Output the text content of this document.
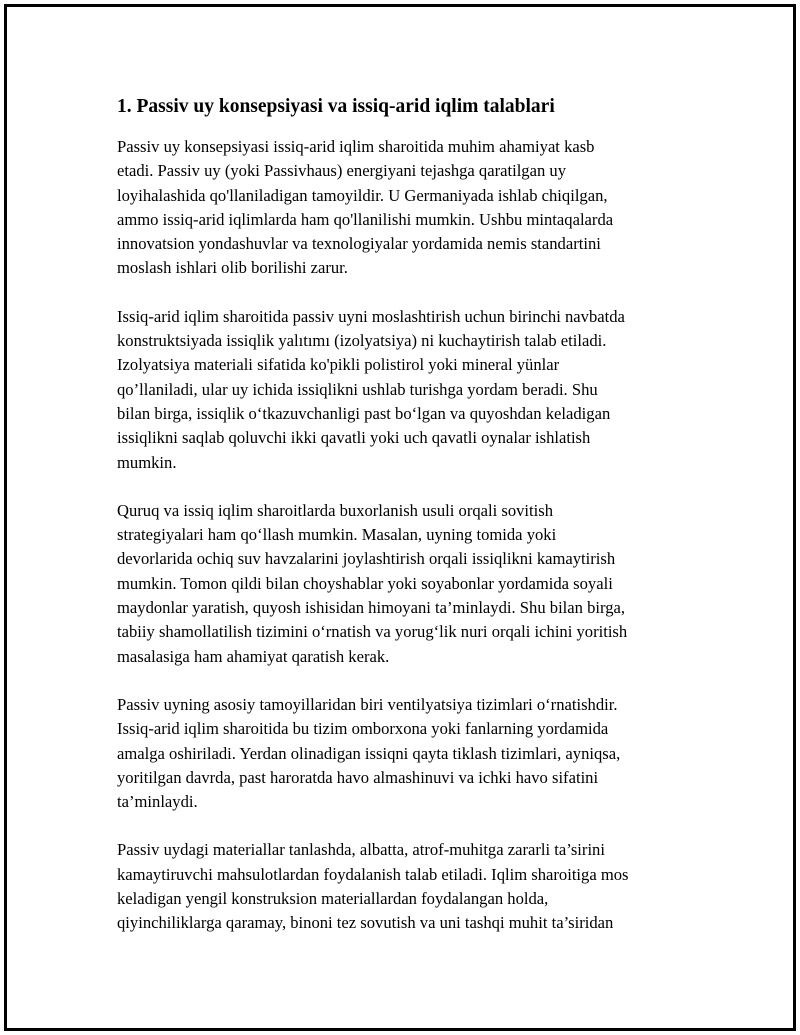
1. Passiv uy konsepsiyasi va issiq-arid iqlim talablari
Passiv uy konsepsiyasi issiq-arid iqlim sharoitida muhim ahamiyat kasb
etadi. Passiv uy (yoki Passivhaus) energiyani tejashga qaratilgan uy
loyihalashida qo'llaniladigan tamoyildir. U Germaniyada ishlab chiqilgan,
ammo issiq-arid iqlimlarda ham qo'llanilishi mumkin. Ushbu mintaqalarda
innovatsion yondashuvlar va texnologiyalar yordamida nemis standartini
moslash ishlari olib borilishi zarur.
Issiq-arid iqlim sharoitida passiv uyni moslashtirish uchun birinchi navbatda
konstruktsiyada issiqlik yalıtımı (izolyatsiya) ni kuchaytirish talab etiladi.
Izolyatsiya materiali sifatida ko'pikli polistirol yoki mineral yünlar
qo’llaniladi, ular uy ichida issiqlikni ushlab turishga yordam beradi. Shu
bilan birga, issiqlik o‘tkazuvchanligi past bo‘lgan va quyoshdan keladigan
issiqlikni saqlab qoluvchi ikki qavatli yoki uch qavatli oynalar ishlatish
mumkin.
Quruq va issiq iqlim sharoitlarda buxorlanish usuli orqali sovitish
strategiyalari ham qo‘llash mumkin. Masalan, uyning tomida yoki
devorlarida ochiq suv havzalarini joylashtirish orqali issiqlikni kamaytirish
mumkin. Tomon qildi bilan choyshablar yoki soyabonlar yordamida soyali
maydonlar yaratish, quyosh ishisidan himoyani ta’minlaydi. Shu bilan birga,
tabiiy shamollatilish tizimini o‘rnatish va yorug‘lik nuri orqali ichini yoritish
masalasiga ham ahamiyat qaratish kerak.
Passiv uyning asosiy tamoyillaridan biri ventilyatsiya tizimlari o‘rnatishdir.
Issiq-arid iqlim sharoitida bu tizim omborxona yoki fanlarning yordamida
amalga oshiriladi. Yerdan olinadigan issiqni qayta tiklash tizimlari, ayniqsa,
yoritilgan davrda, past haroratda havo almashinuvi va ichki havo sifatini
ta’minlaydi.
Passiv uydagi materiallar tanlashda, albatta, atrof-muhitga zararli ta’sirini
kamaytiruvchi mahsulotlardan foydalanish talab etiladi. Iqlim sharoitiga mos
keladigan yengil konstruksion materiallardan foydalangan holda,
qiyinchiliklarga qaramay, binoni tez sovutish va uni tashqi muhit ta’siridan
